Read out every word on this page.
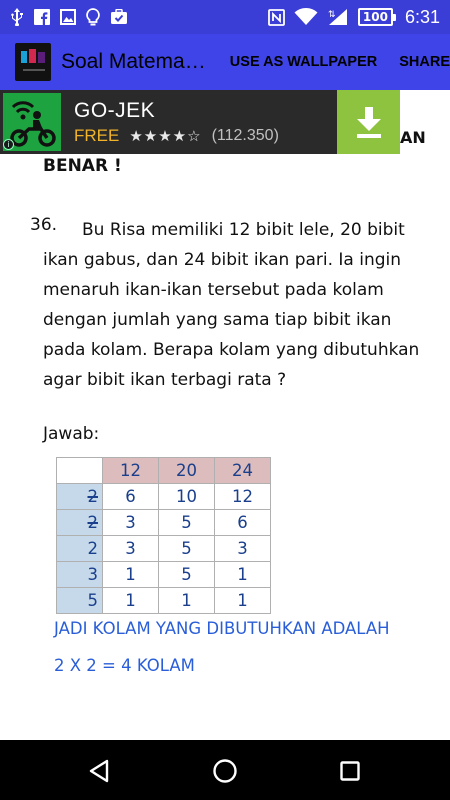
⇅	100 6:31
Soal Matema… USE AS WALLPAPER SHARE
AN
BENAR !
36.	Bu Risa memiliki 12 bibit lele, 20 bibit ikan gabus, dan 24 bibit ikan pari. Ia ingin menaruh ikan-ikan tersebut pada kolam dengan jumlah yang sama tiap bibit ikan pada kolam. Berapa kolam yang dibutuhkan agar bibit ikan terbagi rata ?

Jawab:
	12	20	24
2	6	10	12
2	3	5	6
2	3	5	3
3	1	5	1
5	1	1	1
JADI KOLAM YANG DIBUTUHKAN ADALAH
2 X 2 = 4 KOLAM
i
GO-JEK
FREE ★★★★☆ (112.350)
